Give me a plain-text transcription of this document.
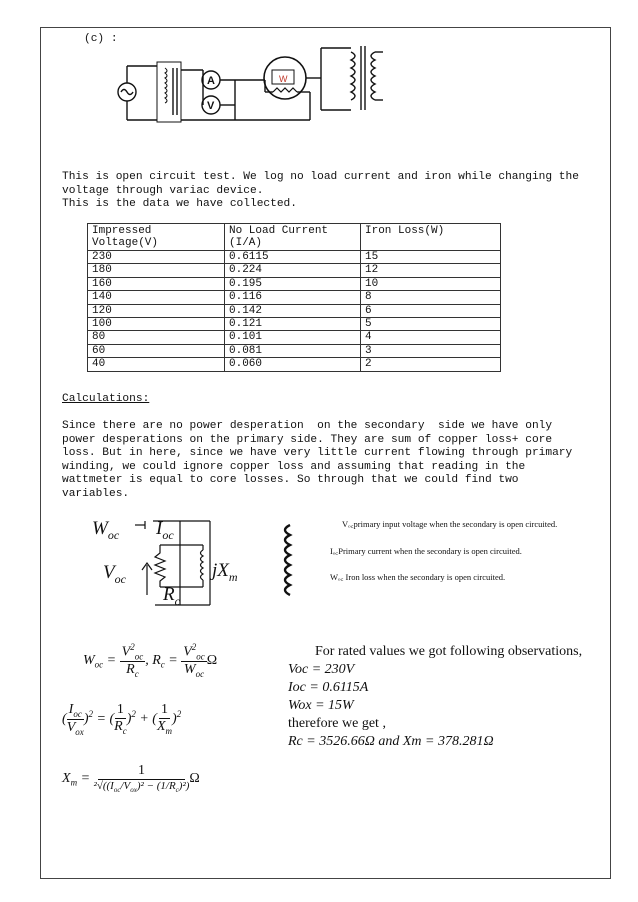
(c) :
A
V
W
This is open circuit test. We log no load current and iron while changing the voltage through variac device.
This is the data we have collected.
Impressed Voltage(V)	No Load Current (I/A)	Iron Loss(W)
230	0.6115	15
180	0.224	12
160	0.195	10
140	0.116	8
120	0.142	6
100	0.121	5
80	0.101	4
60	0.081	3
40	0.060	2
Calculations:
Since there are no power desperation  on the secondary  side we have only power desperations on the primary side. They are sum of copper loss+ core loss. But in here, since we have very little current flowing through primary winding, we could ignore copper loss and assuming that reading in the wattmeter is equal to core losses. So through that we could find two variables.
$W_{oc}$ $I_{oc}$
$V_{oc}$	$jX_m$
$R_c$
Vₒ꜀primary input voltage when the secondary is open circuited.
Iₒ꜀Primary current when the secondary is open circuited.
Wₒ꜀ Iron loss when the secondary is open circuited.
$W_{oc} = \frac{V^2_{oc}}{R_c}$ , $R_c = \frac{V^2_{oc}}{W_{oc}}$ Ω
( $\frac{I_{oc}}{V_{ox}} )^2$ = ( $\frac{1}{R_c} )^2$ + ( $\frac{1}{X_m} )^2$
$X_m = \frac{1}{^2√((I_{oc}/V_{ox})^2 - (1/R_c)^2)}$ Ω
For rated values we got following observations,
Voc = 230V
Ioc = 0.6115A
Wox = 15W
therefore we get ,
Rc = 3526.66Ω and Xm = 378.281Ω
